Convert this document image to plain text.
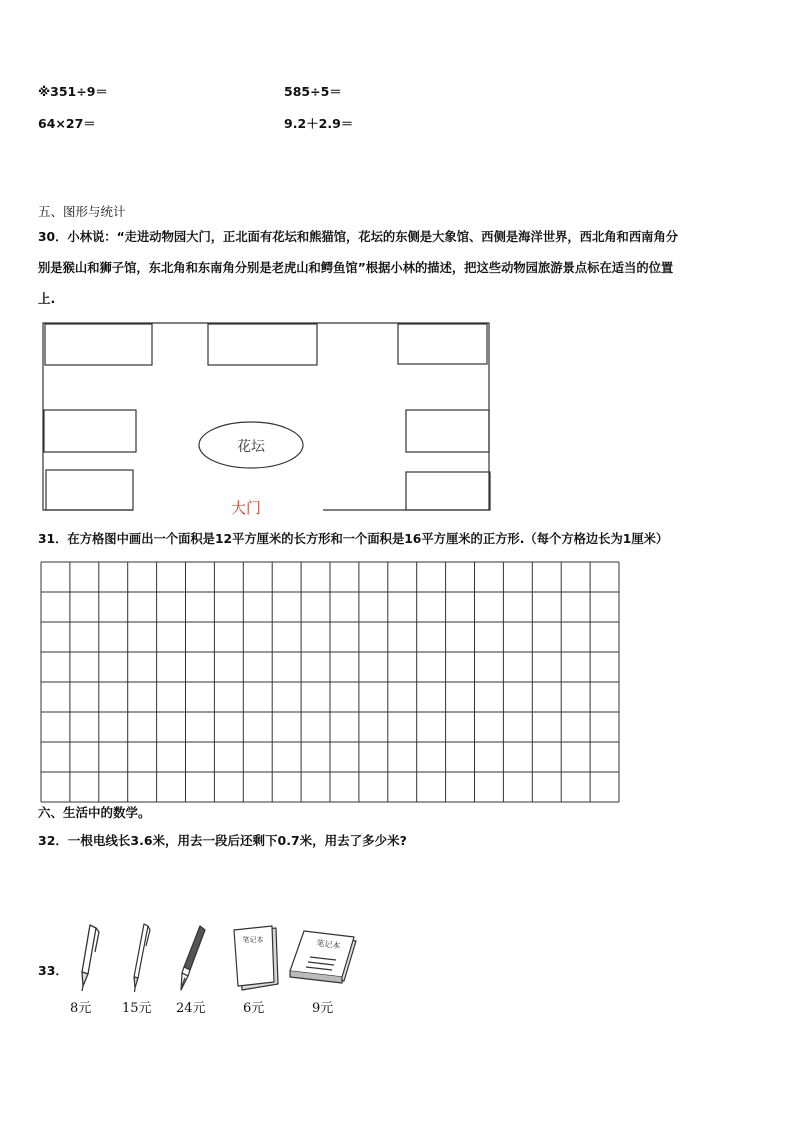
※351÷9＝	585÷5＝
64×27＝	9.2＋2.9＝
五、图形与统计
30．小林说：“走进动物园大门，正北面有花坛和熊猫馆，花坛的东侧是大象馆、西侧是海洋世界，西北角和西南角分
别是猴山和狮子馆，东北角和东南角分别是老虎山和鳄鱼馆”根据小林的描述，把这些动物园旅游景点标在适当的位置
上.
花坛
大门
31．在方格图中画出一个面积是12平方厘米的长方形和一个面积是16平方厘米的正方形.（每个方格边长为1厘米）
六、生活中的数学。
32．一根电线长3.6米，用去一段后还剩下0.7米，用去了多少米?
33．
笔记本	笔记本
8元 15元 24元	6元	9元
